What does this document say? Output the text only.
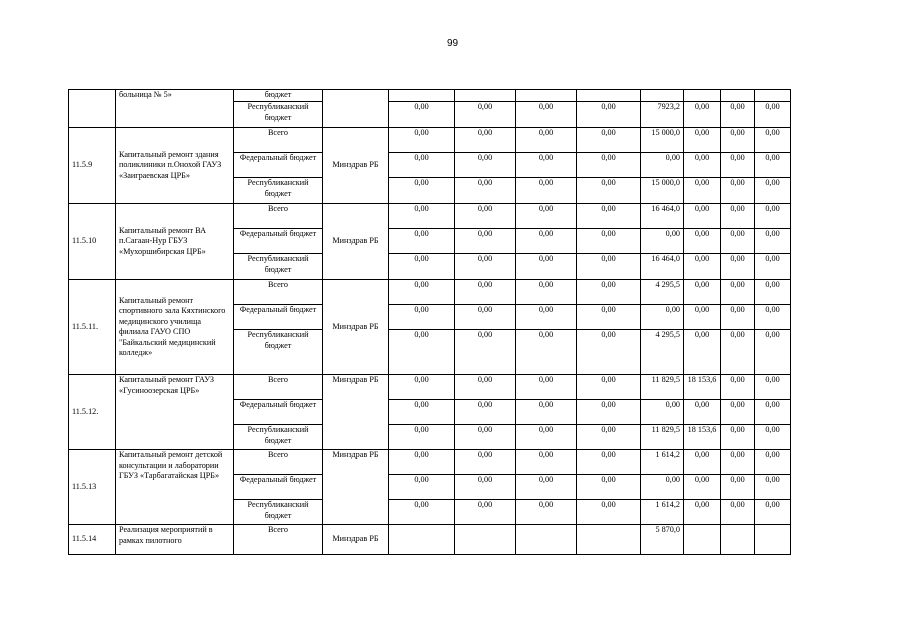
99
	больница № 5»	бюджет									
		Республиканский бюджет		0,00	0,00	0,00	0,00	7923,2	0,00	0,00	0,00
11.5.9	Капитальный ремонт здания поликлиники п.Онохой ГАУЗ «Заиграевская ЦРБ»	Всего	Минздрав РБ	0,00	0,00	0,00	0,00	15 000,0	0,00	0,00	0,00
		Федеральный бюджет		0,00	0,00	0,00	0,00	0,00	0,00	0,00	0,00
		Республиканский бюджет		0,00	0,00	0,00	0,00	15 000,0	0,00	0,00	0,00
11.5.10	Капитальный ремонт ВА п.Сагаан-Нур ГБУЗ «Мухоршибирская ЦРБ»	Всего	Минздрав РБ	0,00	0,00	0,00	0,00	16 464,0	0,00	0,00	0,00
		Федеральный бюджет		0,00	0,00	0,00	0,00	0,00	0,00	0,00	0,00
		Республиканский бюджет		0,00	0,00	0,00	0,00	16 464,0	0,00	0,00	0,00
11.5.11.	Капитальный ремонт спортивного зала Кяхтинского медицинского училища филиала ГАУО СПО "Байкальский медицинский колледж»	Всего	Минздрав РБ	0,00	0,00	0,00	0,00	4 295,5	0,00	0,00	0,00
		Федеральный бюджет		0,00	0,00	0,00	0,00	0,00	0,00	0,00	0,00
		Республиканский бюджет		0,00	0,00	0,00	0,00	4 295,5	0,00	0,00	0,00
11.5.12.	Капитальный ремонт ГАУЗ «Гусиноозерская ЦРБ»	Всего	Минздрав РБ	0,00	0,00	0,00	0,00	11 829,5	18 153,6	0,00	0,00
		Федеральный бюджет		0,00	0,00	0,00	0,00	0,00	0,00	0,00	0,00
		Республиканский бюджет		0,00	0,00	0,00	0,00	11 829,5	18 153,6	0,00	0,00
11.5.13	Капитальный ремонт детской консультации и лаборатории ГБУЗ «Тарбагатайская ЦРБ»	Всего	Минздрав РБ	0,00	0,00	0,00	0,00	1 614,2	0,00	0,00	0,00
		Федеральный бюджет		0,00	0,00	0,00	0,00	0,00	0,00	0,00	0,00
		Республиканский бюджет		0,00	0,00	0,00	0,00	1 614,2	0,00	0,00	0,00
11.5.14	Реализация мероприятий в рамках пилотного	Всего	Минздрав РБ					5 870,0			
